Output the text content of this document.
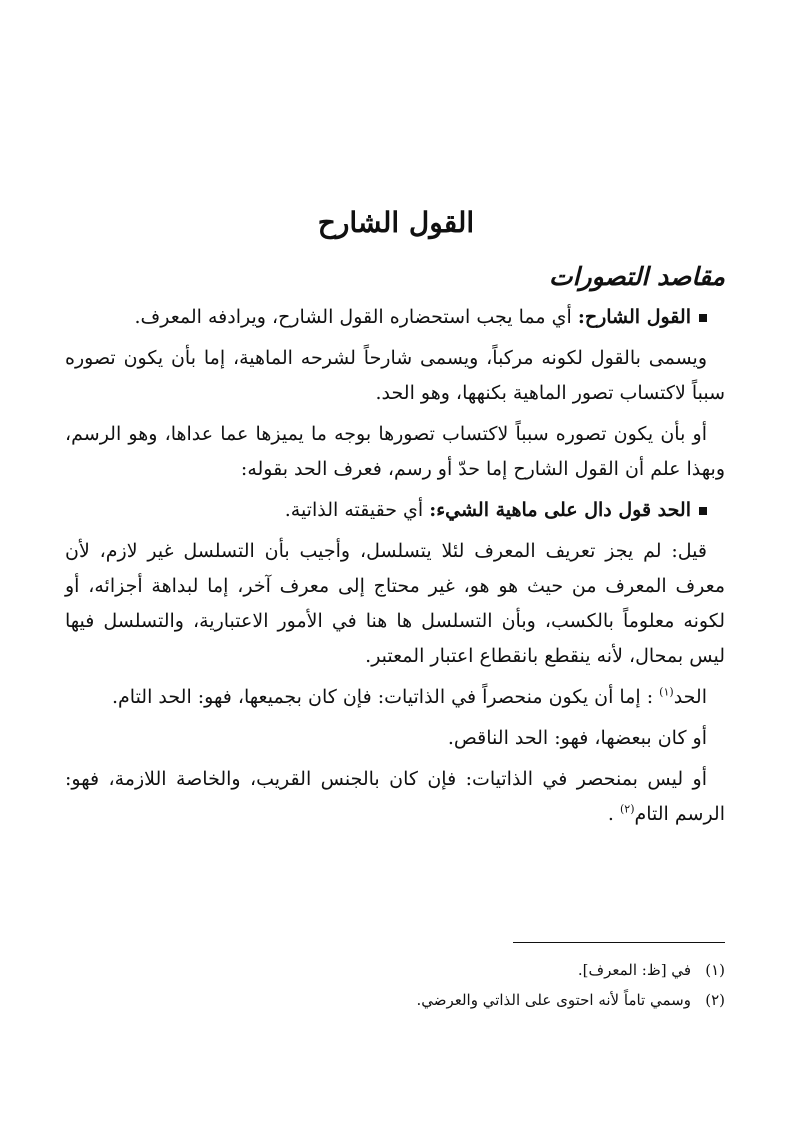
القول الشارح
مقاصد التصورات

القول الشارح: أي مما يجب استحضاره القول الشارح، ويرادفه المعرف.

ويسمى بالقول لكونه مركباً، ويسمى شارحاً لشرحه الماهية، إما بأن يكون تصوره سبباً لاكتساب تصور الماهية بكنهها، وهو الحد.

أو بأن يكون تصوره سبباً لاكتساب تصورها بوجه ما يميزها عما عداها، وهو الرسم، وبهذا علم أن القول الشارح إما حدّ أو رسم، فعرف الحد بقوله:

الحد قول دال على ماهية الشيء: أي حقيقته الذاتية.

قيل: لم يجز تعريف المعرف لئلا يتسلسل، وأجيب بأن التسلسل غير لازم، لأن معرف المعرف من حيث هو هو، غير محتاج إلى معرف آخر، إما لبداهة أجزائه، أو لكونه معلوماً بالكسب، وبأن التسلسل ها هنا في الأمور الاعتبارية، والتسلسل فيها ليس بمحال، لأنه ينقطع بانقطاع اعتبار المعتبر.

الحد$^{(١)}$ : إما أن يكون منحصراً في الذاتيات: فإن كان بجميعها، فهو: الحد التام.

أو كان ببعضها، فهو: الحد الناقص.

أو ليس بمنحصر في الذاتيات: فإن كان بالجنس القريب، والخاصة اللازمة، فهو: الرسم التام$^{(٢)}$ .

(١)في [ظ: المعرف].

(٢)وسمي تاماً لأنه احتوى على الذاتي والعرضي.
